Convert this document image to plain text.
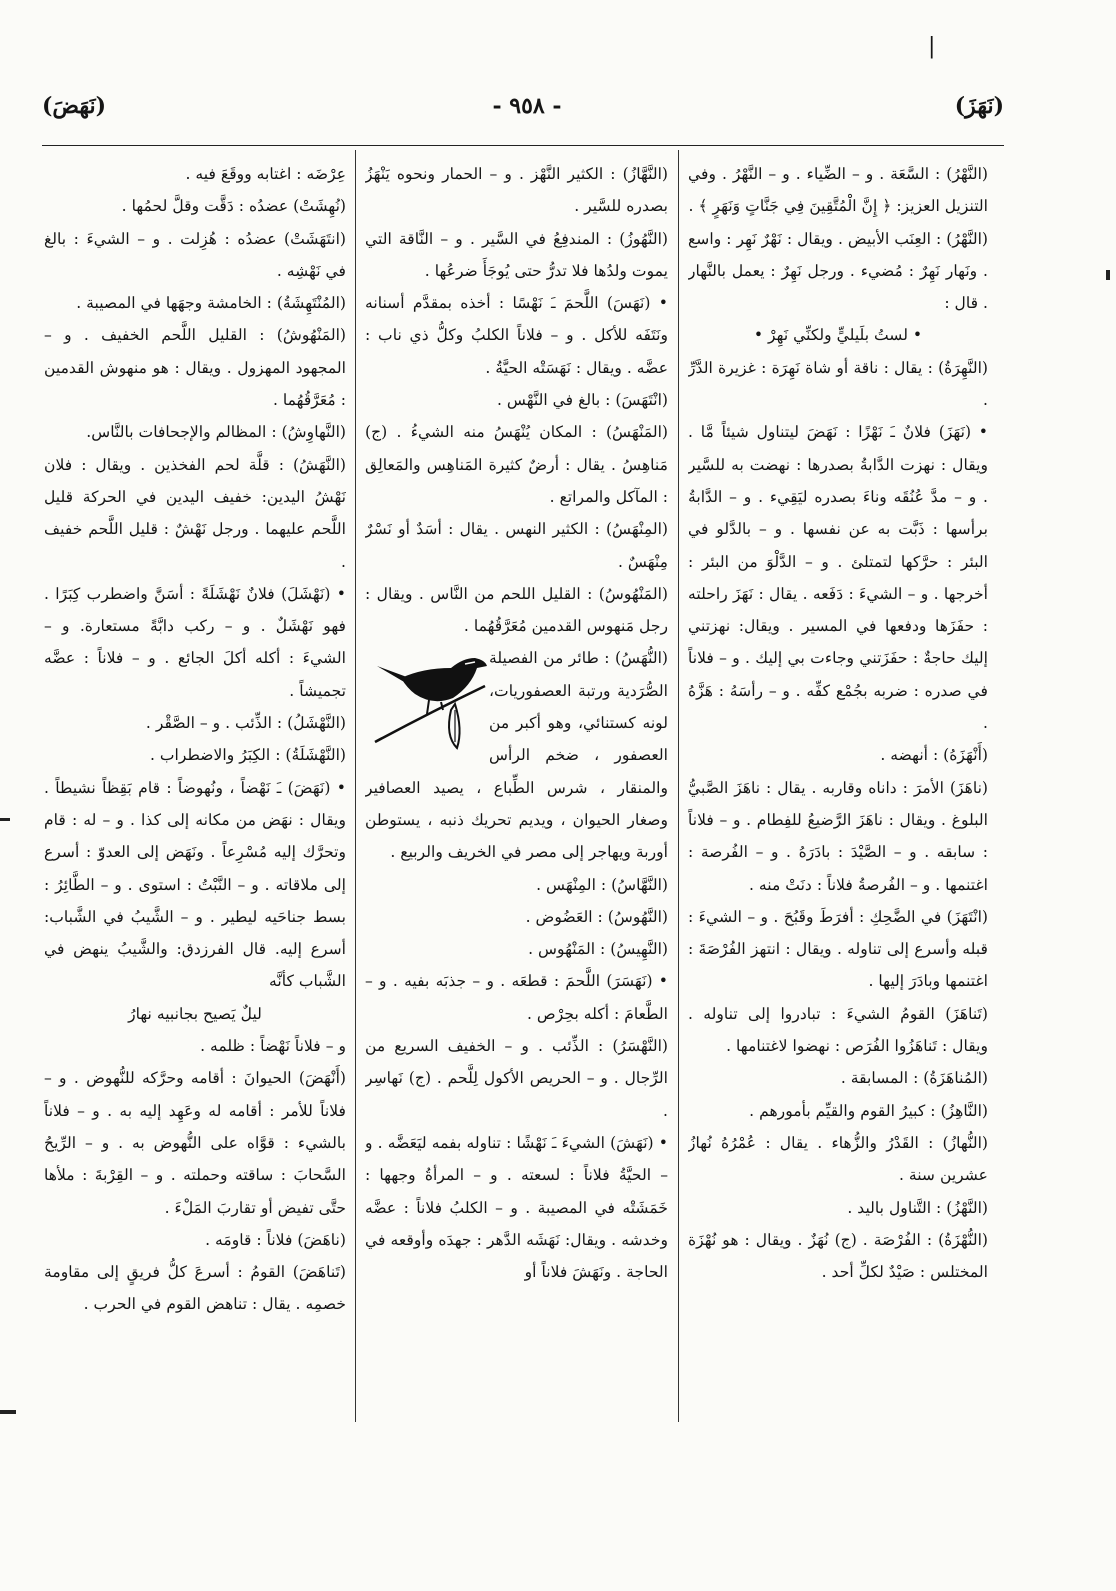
|
(نَهَزَ)
- ٩٥٨ -
(نَهَضَ)

(النَّهْرُ) : السَّعَة . و – الضِّياء . و – النَّهْرُ . وفي التنزيل العزيز: ﴿ إِنَّ الْمُتَّقِينَ فِي جَنَّاتٍ وَنَهَرٍ ﴾ .

(النَّهْرُ) : العِنَب الأبيض . ويقال : نَهْرٌ نَهِر : واسع . ونَهار نَهِرٌ : مُضيء . ورجل نَهِرٌ : يعمل بالنَّهار . قال :

• لستُ بلَيليٍّ ولكنِّي نَهِرْ •

(النَّهِرَةُ) : يقال : ناقة أو شاة نَهِرَة : غزيرة الدَّرِّ .

• (نَهَزَ) فلانٌ ـَ نَهْزًا : نَهَضَ ليتناول شيئاً مَّا . ويقال : نهزت الدَّابةُ بصدرها : نهضت به للسَّير . و – مدَّ عُنُقَه وناءَ بصدره ليَقِيء . و – الدَّابةُ برأسها : ذَبَّت به عن نفسها . و – بالدَّلو في البئر : حرَّكها لتمتلئ . و – الدَّلْوَ من البئر : أخرجها . و – الشيءَ : دَفَعه . يقال : نَهَزَ راحلته : حفَزَها ودفعها في المسير . ويقال: نهزتني إليك حاجةٌ : حفَزَتني وجاءت بي إليك . و – فلاناً في صدره : ضربه بجُمْع كفِّه . و – رأسَهُ : هَزَّهُ .

(أَنْهَزَهُ) : أنهضه .

(ناهَزَ) الأمرَ : داناه وقاربه . يقال : ناهَزَ الصَّبيُّ البلوغ . ويقال : ناهَزَ الرَّضيعُ للفِطام . و – فلاناً : سابقه . و – الصَّيْدَ : بادَرَهُ . و – الفُرصة : اغتنمها . و – الفُرصةُ فلاناً : دنَتْ منه .

(انْتَهَزَ) في الضَّحِكِ : أفرَطَ وقَبُحَ . و – الشيءَ : قبله وأسرع إلى تناوله . ويقال : انتهز الفُرْصَةَ : اغتنمها وبادَرَ إليها .

(تَناهَزَ) القومُ الشيءَ : تبادروا إلى تناوله . ويقال : تَناهَزُوا الفُرَص : نهضوا لاغتنامها .

(المُناهَزَةُ) : المسابقة .

(النَّاهِزُ) : كبيرُ القوم والقيِّم بأمورهم .

(النُّهازُ) : القَدْرُ والزُّهاء . يقال : عُمْرُهُ نُهازُ عشرين سنة .

(النَّهْزُ) : التَّناول باليد .

(النُّهْزَةُ) : الفُرْصَة . (ج) نُهَزٌ . ويقال : هو نُهْزَة المختلس : صَيْدٌ لكلِّ أحد .

(النَّهَّازُ) : الكثير النَّهْز . و – الحمار ونحوه يَنْهَزُ بصدره للسَّير .

(النَّهُوزُ) : المندفِعُ في السَّير . و – النَّاقة التي يموت ولدُها فلا تدرُّ حتى يُوجَأَ ضرعُها .

• (نَهَسَ) اللَّحمَ ـَ نَهْسًا : أخذه بمقدَّم أسنانه ونَتَفَه للأكل . و – فلاناً الكلبُ وكلُّ ذي ناب : عضَّه . ويقال : نَهَسَتْه الحيَّةُ .

(انْتَهَسَ) : بالغ في النَّهْس .

(المَنْهَسُ) : المكان يُنْهَسُ منه الشيءُ . (ج) مَناهِسُ . يقال : أرضٌ كثيرة المَناهِس والمَعالِق : المآكل والمراتع .

(المِنْهَسُ) : الكثير النهس . يقال : أسَدٌ أو نَسْرٌ مِنْهَسٌ .

(المَنْهُوسُ) : القليل اللحم من النَّاس . ويقال : رجل مَنهوس القدمين مُعَرَّقُهُما .

(النُّهَسُ) : طائر من الفصيلة الصُّرَدية ورتبة العصفوريات، لونه كستنائي، وهو أكبر من العصفور ، ضخم الرأس والمنقار ، شرس الطِّباع ، يصيد العصافير وصغار الحيوان ، ويديم تحريك ذنبه ، يستوطن أوربة ويهاجر إلى مصر في الخريف والربيع .

(النَّهَّاسُ) : المِنْهَس .

(النَّهُوسُ) : العَضُوض .

(النَّهِيسُ) : المَنْهُوس .

• (نَهَسَرَ) اللَّحمَ : قطعَه . و – جذبَه بفيه . و – الطَّعامَ : أكله بحِرْص .

(النَّهْسَرُ) : الذِّئب . و – الخفيف السريع من الرِّجال . و – الحريص الأكول لِلَّحم . (ج) نَهاسِر .

• (نَهَشَ) الشيءَ ـَ نَهْشًا : تناوله بفمه ليَعَضَّه . و – الحيَّةُ فلاناً : لسعته . و – المرأةُ وجهها : خَمَشَتْه في المصيبة . و – الكلبُ فلاناً : عضَّه وخدشه . ويقال: نَهَشَه الدَّهر : جهدَه وأوقعه في الحاجة . ونَهَشَ فلاناً أو

عِرْضَه : اغتابه ووقَعَ فيه .

(نُهِشَتْ) عضدُه : دَقَّت وقلَّ لحمُها .

(انتَهَشَتْ) عضدُه : هُزِلت . و – الشيءَ : بالغ في نَهْشِه .

(المُنْتَهِشَةُ) : الخامشة وجهَها في المصيبة .

(المَنْهُوشُ) : القليل اللَّحم الخفيف . و – المجهود المهزول . ويقال : هو منهوش القدمين : مُعَرَّقُهُما .

(النَّهاوِشُ) : المظالم والإجحافات بالنَّاس.

(النَّهَشُ) : قلَّة لحم الفخذين . ويقال : فلان نَهْشُ اليدين: خفيف اليدين في الحركة قليل اللَّحم عليهما . ورجل نَهْشٌ : قليل اللَّحم خفيف .

• (نَهْشَلَ) فلانٌ نَهْشَلَةً : أسَنَّ واضطرب كِبَرًا . فهو نَهْشَلٌ . و – ركب دابَّةً مستعارة. و – الشيءَ : أكله أكلَ الجائع . و – فلاناً : عضَّه تجميشاً .

(النَّهْشَلُ) : الذِّئب . و – الصَّقْر .

(النَّهْشَلَةُ) : الكِبَرُ والاضطراب .

• (نَهَضَ) ـَ نَهْضاً ، ونُهوضاً : قام بَقِظاً نشيطاً . ويقال : نهَض من مكانه إلى كذا . و – له : قام وتحرَّك إليه مُسْرِعاً . ونَهَض إلى العدوّ : أسرع إلى ملاقاته . و – النَّبْتُ : استوى . و – الطَّائِرُ : بسط جناحَيه ليطير . و – الشَّيبُ في الشَّباب: أسرع إليه. قال الفرزدق: والشَّيبُ ينهض في الشَّباب كأنَّه

ليلٌ يَصيح بجانبيه نهارُ

و – فلاناً نَهْضاً : ظلمه .

(أَنْهَضَ) الحيوانَ : أقامه وحرَّكه للنُّهوض . و – فلاناً للأمر : أقامه له وعَهِد إليه به . و – فلاناً بالشيء : قوَّاه على النُّهوض به . و – الرِّيحُ السَّحابَ : ساقته وحملته . و – القِرْبةَ : ملأها حتَّى تفيض أو تقاربَ المَلْءَ .

(ناهَضَ) فلاناً : قاومَه .

(تَناهَضَ) القومُ : أسرعَ كلُّ فريقٍ إلى مقاومة خصمِه . يقال : تناهض القوم في الحرب .
